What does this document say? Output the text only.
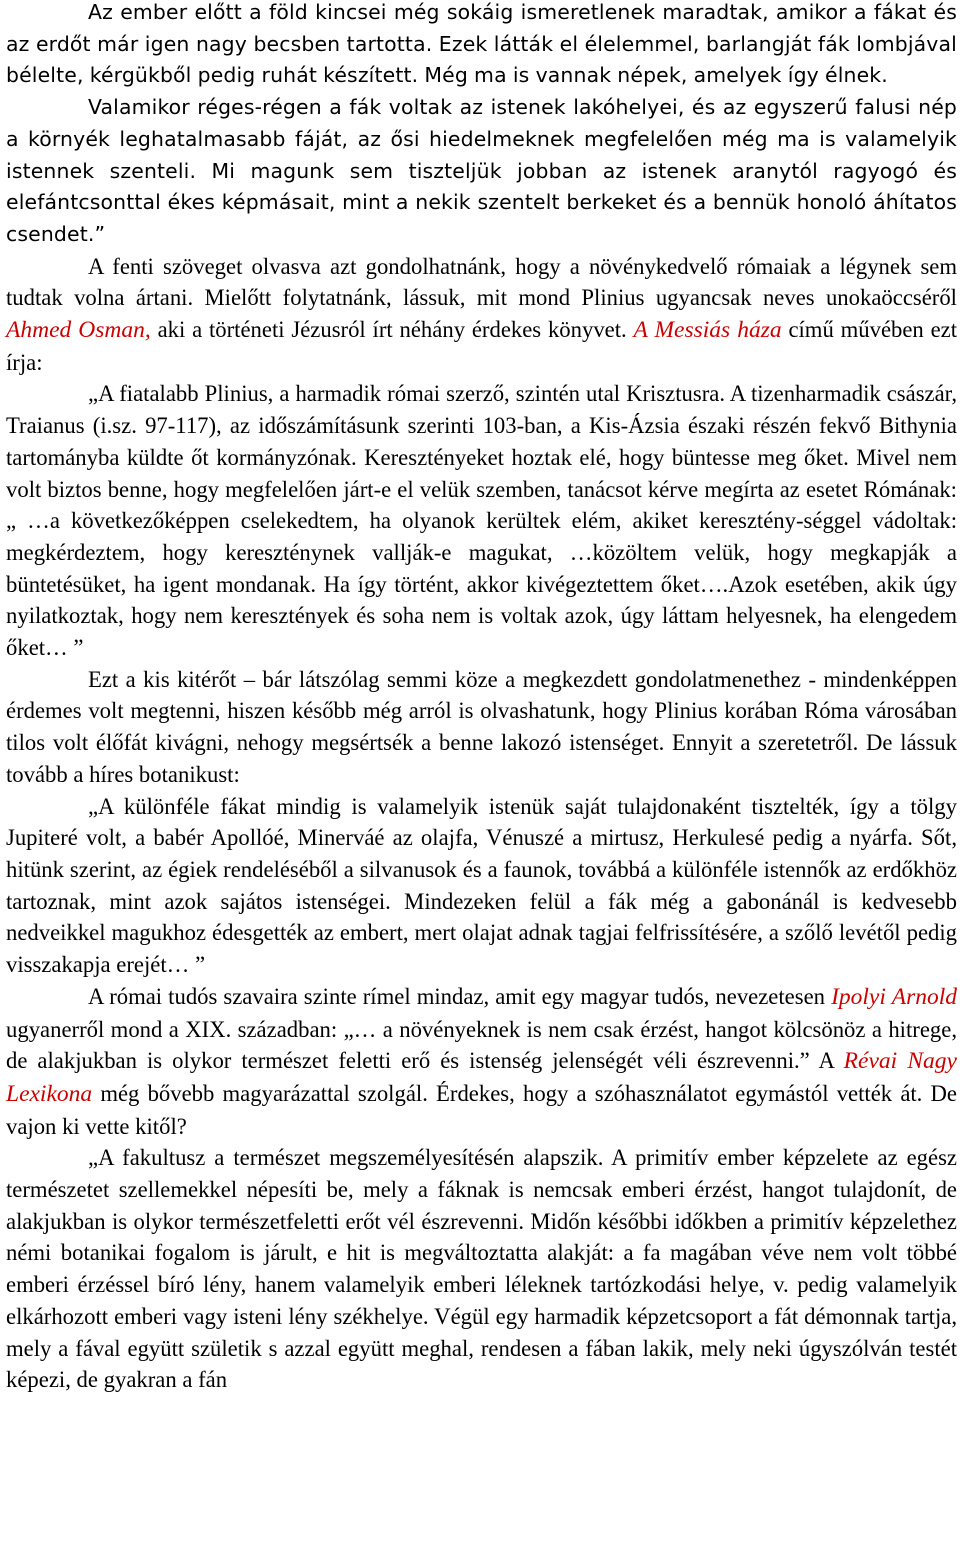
Az ember előtt a föld kincsei még sokáig ismeretlenek maradtak, amikor a fákat és az erdőt már igen nagy becsben tartotta. Ezek látták el élelemmel, barlangját fák lombjával bélelte, kérgükből pedig ruhát készített. Még ma is vannak népek, amelyek így élnek.

Valamikor réges-régen a fák voltak az istenek lakóhelyei, és az egyszerű falusi nép a környék leghatalmasabb fáját, az ősi hiedelmeknek megfelelően még ma is valamelyik istennek szenteli. Mi magunk sem tiszteljük jobban az istenek aranytól ragyogó és elefántcsonttal ékes képmásait, mint a nekik szentelt berkeket és a bennük honoló áhítatos csendet.”

A fenti szöveget olvasva azt gondolhatnánk, hogy a növénykedvelő rómaiak a légynek sem tudtak volna ártani. Mielőtt folytatnánk, lássuk, mit mond Plinius ugyancsak neves unokaöccséről Ahmed Osman, aki a történeti Jézusról írt néhány érdekes könyvet. A Messiás háza című művében ezt írja:

„A fiatalabb Plinius, a harmadik római szerző, szintén utal Krisztusra. A tizenharmadik császár, Traianus (i.sz. 97-117), az időszámításunk szerinti 103-ban, a Kis-Ázsia északi részén fekvő Bithynia tartományba küldte őt kormányzónak. Keresztényeket hoztak elé, hogy büntesse meg őket. Mivel nem volt biztos benne, hogy megfelelően járt-e el velük szemben, tanácsot kérve megírta az esetet Rómának: „ …a következőképpen cselekedtem, ha olyanok kerültek elém, akiket keresztény-séggel vádoltak: megkérdeztem, hogy kereszténynek vallják-e magukat, …közöltem velük, hogy megkapják a büntetésüket, ha igent mondanak. Ha így történt, akkor kivégeztettem őket….Azok esetében, akik úgy nyilatkoztak, hogy nem keresztények és soha nem is voltak azok, úgy láttam helyesnek, ha elengedem őket… ”

Ezt a kis kitérőt – bár látszólag semmi köze a megkezdett gondolatmenethez - mindenképpen érdemes volt megtenni, hiszen később még arról is olvashatunk, hogy Plinius korában Róma városában tilos volt élőfát kivágni, nehogy megsértsék a benne lakozó istenséget. Ennyit a szeretetről. De lássuk tovább a híres botanikust:

„A különféle fákat mindig is valamelyik istenük saját tulajdonaként tisztelték, így a tölgy Jupiteré volt, a babér Apollóé, Minerváé az olajfa, Vénuszé a mirtusz, Herkulesé pedig a nyárfa. Sőt, hitünk szerint, az égiek rendeléséből a silvanusok és a faunok, továbbá a különféle istennők az erdőkhöz tartoznak, mint azok sajátos istenségei. Mindezeken felül a fák még a gabonánál is kedvesebb nedveikkel magukhoz édesgették az embert, mert olajat adnak tagjai felfrissítésére, a szőlő levétől pedig visszakapja erejét… ”

A római tudós szavaira szinte rímel mindaz, amit egy magyar tudós, nevezetesen Ipolyi Arnold ugyanerről mond a XIX. században: „… a növényeknek is nem csak érzést, hangot kölcsönöz a hitrege, de alakjukban is olykor természet feletti erő és istenség jelenségét véli észrevenni.” A Révai Nagy Lexikona még bővebb magyarázattal szolgál. Érdekes, hogy a szóhasználatot egymástól vették át. De vajon ki vette kitől?

„A fakultusz a természet megszemélyesítésén alapszik. A primitív ember képzelete az egész természetet szellemekkel népesíti be, mely a fáknak is nemcsak emberi érzést, hangot tulajdonít, de alakjukban is olykor természetfeletti erőt vél észrevenni. Midőn későbbi időkben a primitív képzelethez némi botanikai fogalom is járult, e hit is megváltoztatta alakját: a fa magában véve nem volt többé emberi érzéssel bíró lény, hanem valamelyik emberi léleknek tartózkodási helye, v. pedig valamelyik elkárhozott emberi vagy isteni lény székhelye. Végül egy harmadik képzetcsoport a fát démonnak tartja, mely a fával együtt születik s azzal együtt meghal, rendesen a fában lakik, mely neki úgyszólván testét képezi, de gyakran a fán
